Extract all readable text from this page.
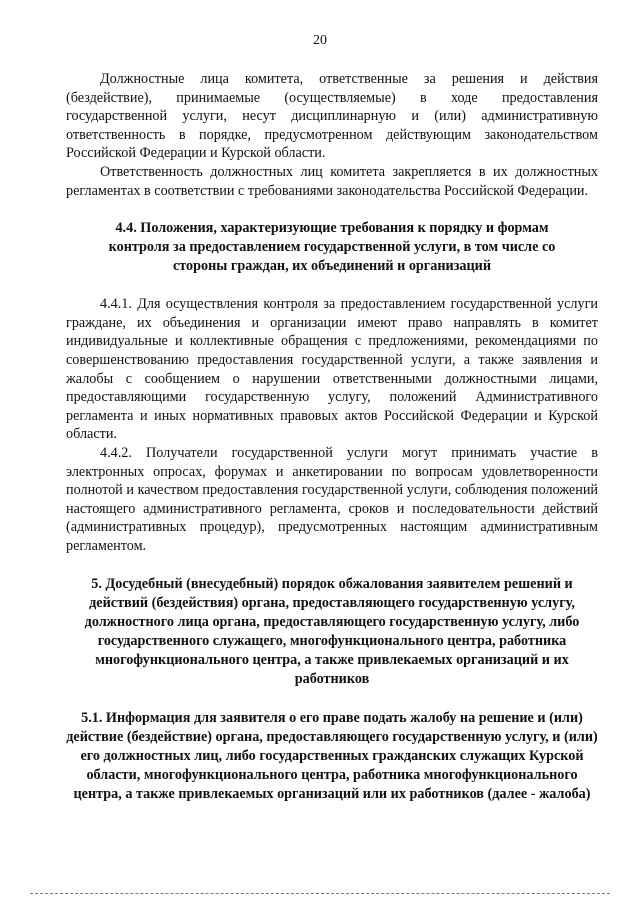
20

Должностные лица комитета, ответственные за решения и действия (бездействие), принимаемые (осуществляемые) в ходе предоставления государственной услуги, несут дисциплинарную и (или) административную ответственность в порядке, предусмотренном действующим законодательством Российской Федерации и Курской области.

Ответственность должностных лиц комитета закрепляется в их должностных регламентах в соответствии с требованиями законодательства Российской Федерации.

4.4. Положения, характеризующие требования к порядку и формам контроля за предоставлением государственной услуги, в том числе со стороны граждан, их объединений и организаций

4.4.1. Для осуществления контроля за предоставлением государственной услуги граждане, их объединения и организации имеют право направлять в комитет индивидуальные и коллективные обращения с предложениями, рекомендациями по совершенствованию предоставления государственной услуги, а также заявления и жалобы с сообщением о нарушении ответственными должностными лицами, предоставляющими государственную услугу, положений Административного регламента и иных нормативных правовых актов Российской Федерации и Курской области.

4.4.2. Получатели государственной услуги могут принимать участие в электронных опросах, форумах и анкетировании по вопросам удовлетворенности полнотой и качеством предоставления государственной услуги, соблюдения положений настоящего административного регламента, сроков и последовательности действий (административных процедур), предусмотренных настоящим административным регламентом.

5. Досудебный (внесудебный) порядок обжалования заявителем решений и действий (бездействия) органа, предоставляющего государственную услугу, должностного лица органа, предоставляющего государственную услугу, либо государственного служащего, многофункционального центра, работника многофункционального центра, а также привлекаемых организаций и их работников

5.1. Информация для заявителя о его праве подать жалобу на решение и (или) действие (бездействие) органа, предоставляющего государственную услугу, и (или) его должностных лиц, либо государственных гражданских служащих Курской области, многофункционального центра, работника многофункционального центра, а также привлекаемых организаций или их работников (далее - жалоба)
